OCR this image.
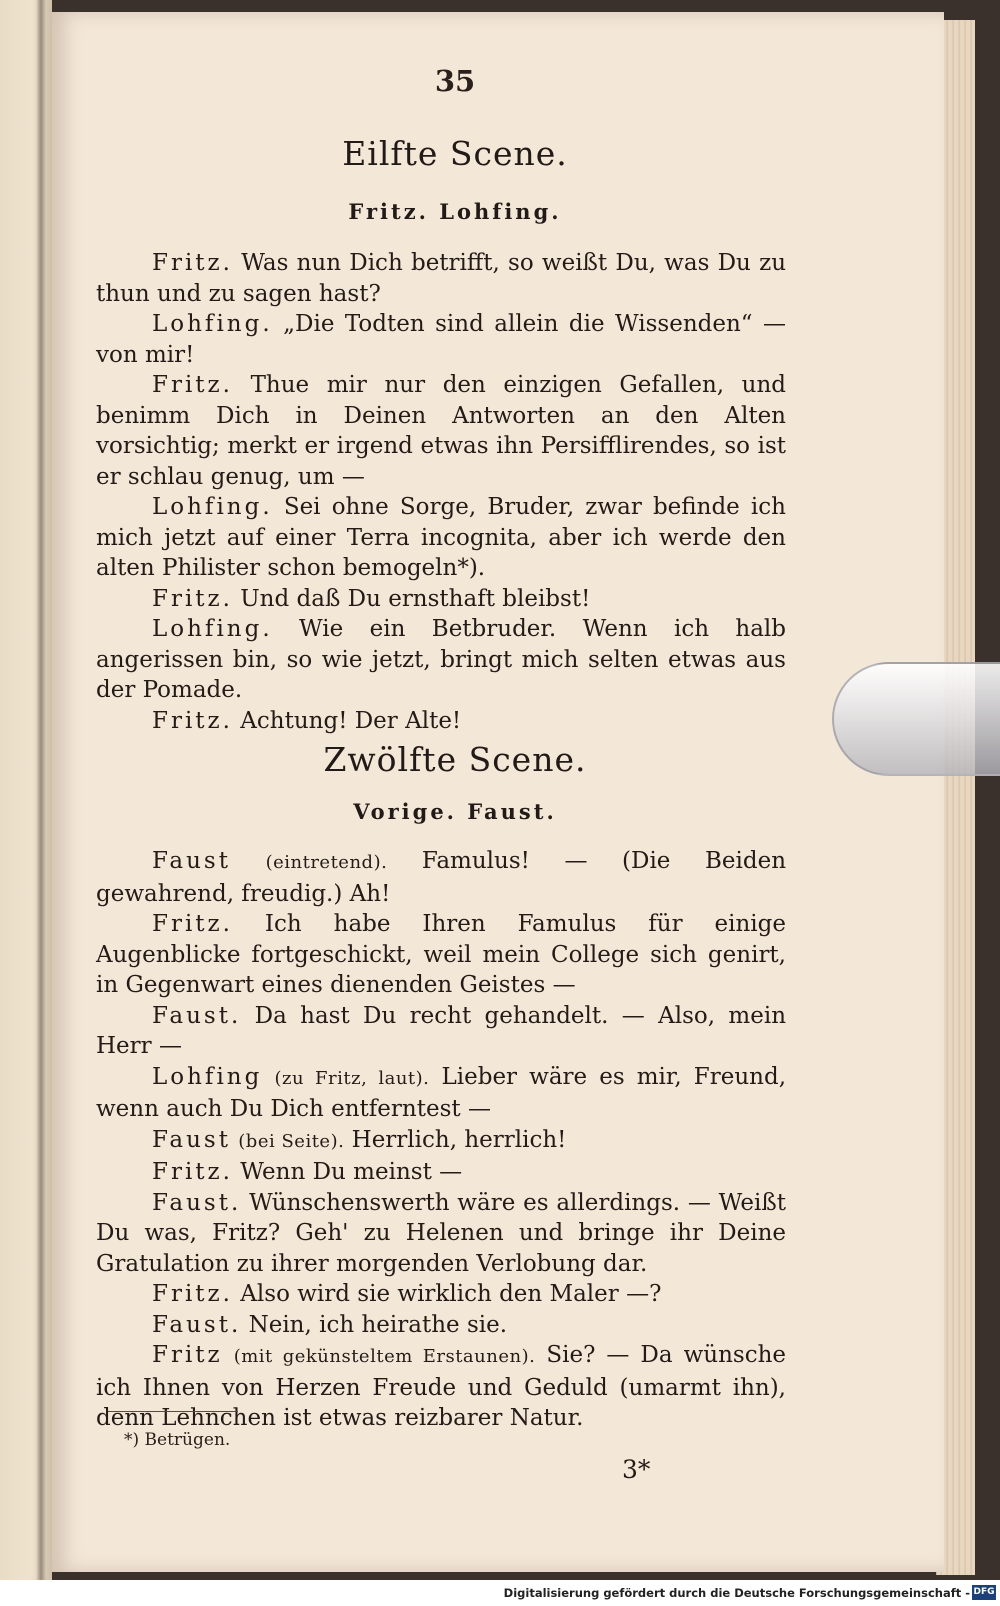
35
Eilfte Scene.
Fritz. Lohfing.

Fritz. Was nun Dich betrifft, so weißt Du, was Du zu thun und zu sagen hast?

Lohfing. „Die Todten sind allein die Wissenden“ — von mir!

Fritz. Thue mir nur den einzigen Gefallen, und benimm Dich in Deinen Antworten an den Alten vorsichtig; merkt er irgend etwas ihn Persifflirendes, so ist er schlau genug, um —

Lohfing. Sei ohne Sorge, Bruder, zwar befinde ich mich jetzt auf einer Terra incognita, aber ich werde den alten Philister schon bemogeln*).

Fritz. Und daß Du ernsthaft bleibst!

Lohfing. Wie ein Betbruder. Wenn ich halb angerissen bin, so wie jetzt, bringt mich selten etwas aus der Pomade.

Fritz. Achtung! Der Alte!

Zwölfte Scene.
Vorige. Faust.

Faust (eintretend). Famulus! — (Die Beiden gewahrend, freudig.) Ah!

Fritz. Ich habe Ihren Famulus für einige Augenblicke fortgeschickt, weil mein College sich genirt, in Gegenwart eines dienenden Geistes —

Faust. Da hast Du recht gehandelt. — Also, mein Herr —

Lohfing (zu Fritz, laut). Lieber wäre es mir, Freund, wenn auch Du Dich entferntest —

Faust (bei Seite). Herrlich, herrlich!

Fritz. Wenn Du meinst —

Faust. Wünschenswerth wäre es allerdings. — Weißt Du was, Fritz? Geh' zu Helenen und bringe ihr Deine Gratulation zu ihrer morgenden Verlobung dar.

Fritz. Also wird sie wirklich den Maler —?

Faust. Nein, ich heirathe sie.

Fritz (mit gekünsteltem Erstaunen). Sie? — Da wünsche ich Ihnen von Herzen Freude und Geduld (umarmt ihn), denn Lehnchen ist etwas reizbarer Natur.

*) Betrügen.
3*
Digitalisierung gefördert durch die Deutsche Forschungsgemeinschaft - DFG
